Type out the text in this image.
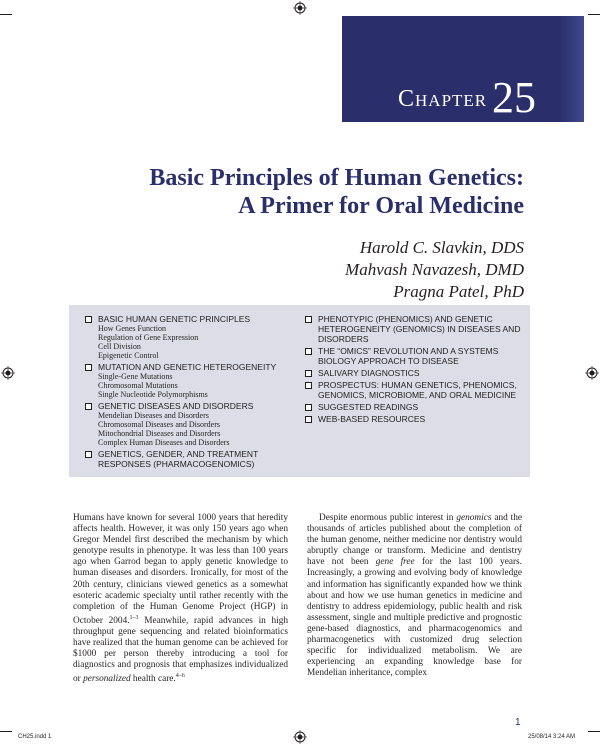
CHAPTER 25
Basic Principles of Human Genetics:
A Primer for Oral Medicine
Harold C. Slavkin, DDS
Mahvash Navazesh, DMD
Pragna Patel, PhD
BASIC HUMAN GENETIC PRINCIPLES
How Genes Function
Regulation of Gene Expression
Cell Division
Epigenetic Control
MUTATION AND GENETIC HETEROGENEITY
Single-Gene Mutations
Chromosomal Mutations
Single Nucleotide Polymorphisms
GENETIC DISEASES AND DISORDERS
Mendelian Diseases and Disorders
Chromosomal Diseases and Disorders
Mitochondrial Diseases and Disorders
Complex Human Diseases and Disorders
GENETICS, GENDER, AND TREATMENT RESPONSES (PHARMACOGENOMICS)
PHENOTYPIC (PHENOMICS) AND GENETIC HETEROGENEITY (GENOMICS) IN DISEASES AND DISORDERS
THE “OMICS” REVOLUTION AND A SYSTEMS BIOLOGY APPROACH TO DISEASE
SALIVARY DIAGNOSTICS
PROSPECTUS: HUMAN GENETICS, PHENOMICS, GENOMICS, MICROBIOME, AND ORAL MEDICINE
SUGGESTED READINGS
WEB-BASED RESOURCES

Humans have known for several 1000 years that heredity affects health. However, it was only 150 years ago when Gregor Mendel first described the mechanism by which genotype results in phenotype. It was less than 100 years ago when Garrod began to apply genetic knowledge to human diseases and disorders. Ironically, for most of the 20th century, clinicians viewed genetics as a somewhat esoteric academic specialty until rather recently with the completion of the Human Genome Project (HGP) in October 2004.$^{1-3}$ Meanwhile, rapid advances in high throughput gene sequencing and related bioinformatics have realized that the human genome can be achieved for $1000 per person thereby introducing a tool for diagnostics and prognosis that emphasizes individualized or personalized health care.$^{4-6}$

Despite enormous public interest in genomics and the thousands of articles published about the completion of the human genome, neither medicine nor dentistry would abruptly change or transform. Medicine and dentistry have not been gene free for the last 100 years. Increasingly, a growing and evolving body of knowledge and information has significantly expanded how we think about and how we use human genetics in medicine and dentistry to address epidemiology, public health and risk assessment, single and multiple predictive and prognostic gene-based diagnostics, and pharmacogenomics and pharmacogenetics with customized drug selection specific for individualized metabolism. We are experiencing an expanding knowledge base for Mendelian inheritance, complex

1
CH25.indd 1	25/08/14 3:24 AM
